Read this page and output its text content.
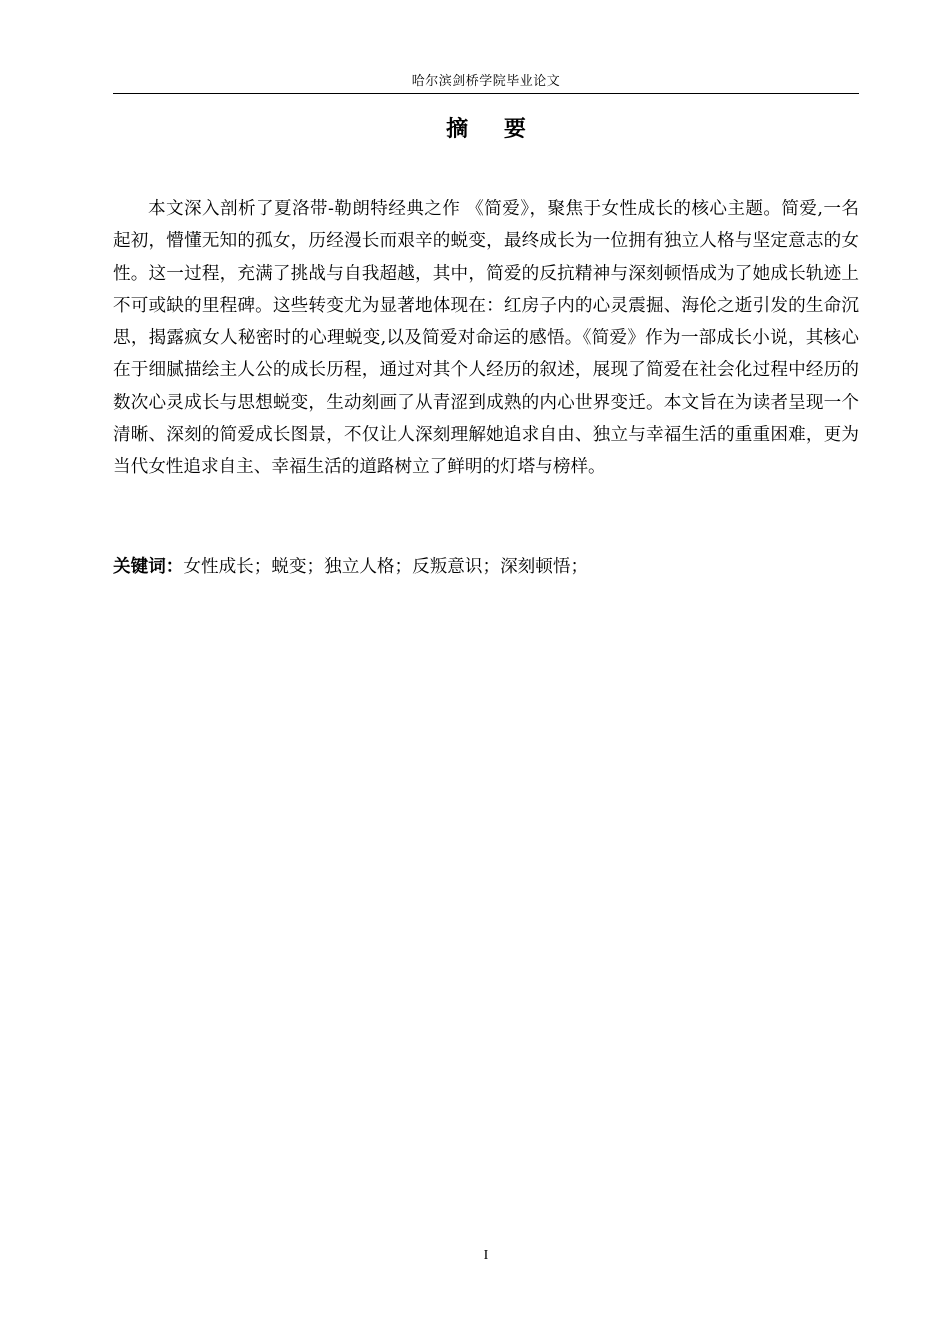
哈尔滨剑桥学院毕业论文
摘 要

本文深入剖析了夏洛带-勒朗特经典之作 《简爱》，聚焦于女性成长的核心主题。简爱,一名起初，懵懂无知的孤女，历经漫长而艰辛的蜕变，最终成长为一位拥有独立人格与坚定意志的女性。这一过程，充满了挑战与自我超越，其中，简爱的反抗精神与深刻顿悟成为了她成长轨迹上不可或缺的里程碑。这些转变尤为显著地体现在：红房子内的心灵震掘、海伦之逝引发的生命沉思，揭露疯女人秘密时的心理蜕变,以及简爱对命运的感悟。《简爱》作为一部成长小说，其核心在于细腻描绘主人公的成长历程，通过对其个人经历的叙述，展现了简爱在社会化过程中经历的数次心灵成长与思想蜕变，生动刻画了从青涩到成熟的内心世界变迁。本文旨在为读者呈现一个清晰、深刻的简爱成长图景，不仅让人深刻理解她追求自由、独立与幸福生活的重重困难，更为当代女性追求自主、幸福生活的道路树立了鲜明的灯塔与榜样。

关键词：女性成长；蜕变；独立人格；反叛意识；深刻顿悟；
I
